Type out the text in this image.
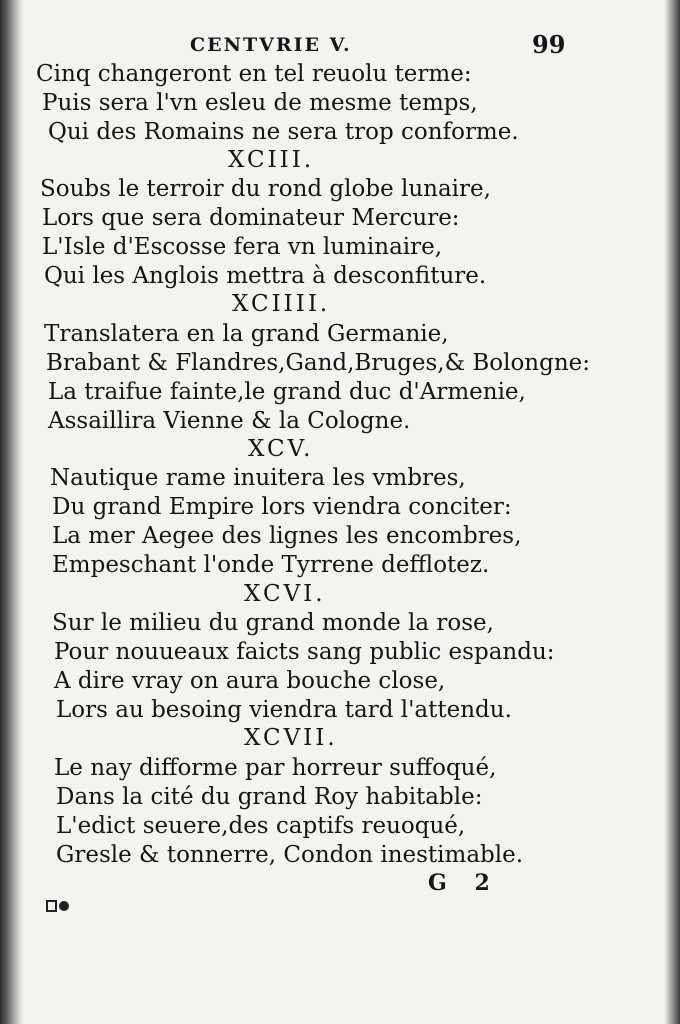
CENTVRIE V.	99
Cinq changeront en tel reuolu terme:
Puis sera l'vn esleu de mesme temps,
Qui des Romains ne sera trop conforme.
XCIII.
Soubs le terroir du rond globe lunaire,
Lors que sera dominateur Mercure:
L'Isle d'Escosse fera vn luminaire,
Qui les Anglois mettra à desconfiture.
XCIIII.
Translatera en la grand Germanie,
Brabant & Flandres,Gand,Bruges,& Bolongne:
La traifue fainte,le grand duc d'Armenie,
Assaillira Vienne & la Cologne.
XCV.
Nautique rame inuitera les vmbres,
Du grand Empire lors viendra conciter:
La mer Aegee des lignes les encombres,
Empeschant l'onde Tyrrene defflotez.
XCVI.
Sur le milieu du grand monde la rose,
Pour nouueaux faicts sang public espandu:
A dire vray on aura bouche close,
Lors au besoing viendra tard l'attendu.
XCVII.
Le nay difforme par horreur suffoqué,
Dans la cité du grand Roy habitable:
L'edict seuere,des captifs reuoqué,
Gresle & tonnerre, Condon inestimable.
G 2
